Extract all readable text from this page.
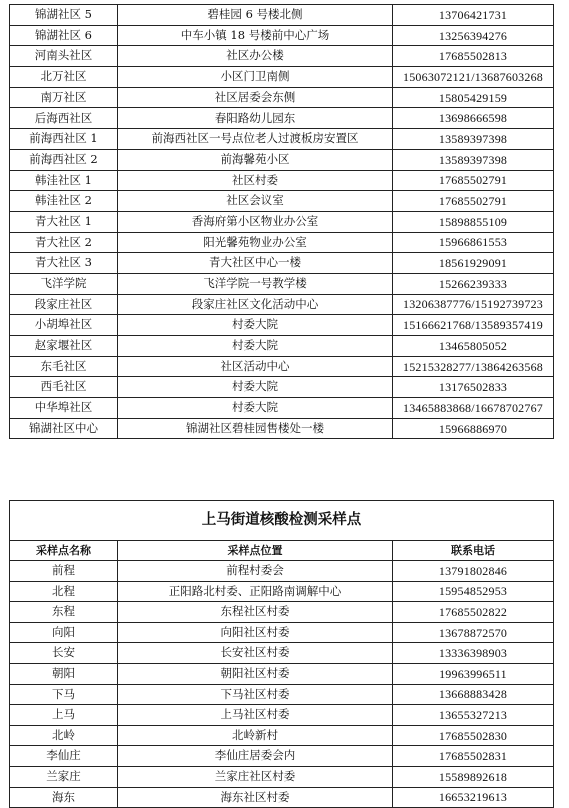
锦湖社区 5	碧桂园 6 号楼北侧	13706421731
锦湖社区 6	中车小镇 18 号楼前中心广场	13256394276
河南头社区	社区办公楼	17685502813
北万社区	小区门卫南侧	15063072121/13687603268
南万社区	社区居委会东侧	15805429159
后海西社区	春阳路幼儿园东	13698666598
前海西社区 1	前海西社区一号点位老人过渡板房安置区	13589397398
前海西社区 2	前海馨苑小区	13589397398
韩洼社区 1	社区村委	17685502791
韩洼社区 2	社区会议室	17685502791
青大社区 1	香海府第小区物业办公室	15898855109
青大社区 2	阳光馨苑物业办公室	15966861553
青大社区 3	青大社区中心一楼	18561929091
飞洋学院	飞洋学院一号教学楼	15266239333
段家庄社区	段家庄社区文化活动中心	13206387776/15192739723
小胡埠社区	村委大院	15166621768/13589357419
赵家堰社区	村委大院	13465805052
东毛社区	社区活动中心	15215328277/13864263568
西毛社区	村委大院	13176502833
中华埠社区	村委大院	13465883868/16678702767
锦湖社区中心	锦湖社区碧桂园售楼处一楼	15966886970
上马街道核酸检测采样点		
采样点名称	采样点位置	联系电话
前程	前程村委会	13791802846
北程	正阳路北村委、正阳路南调解中心	15954852953
东程	东程社区村委	17685502822
向阳	向阳社区村委	13678872570
长安	长安社区村委	13336398903
朝阳	朝阳社区村委	19963996511
下马	下马社区村委	13668883428
上马	上马社区村委	13655327213
北岭	北岭新村	17685502830
李仙庄	李仙庄居委会内	17685502831
兰家庄	兰家庄社区村委	15589892618
海东	海东社区村委	16653219613
